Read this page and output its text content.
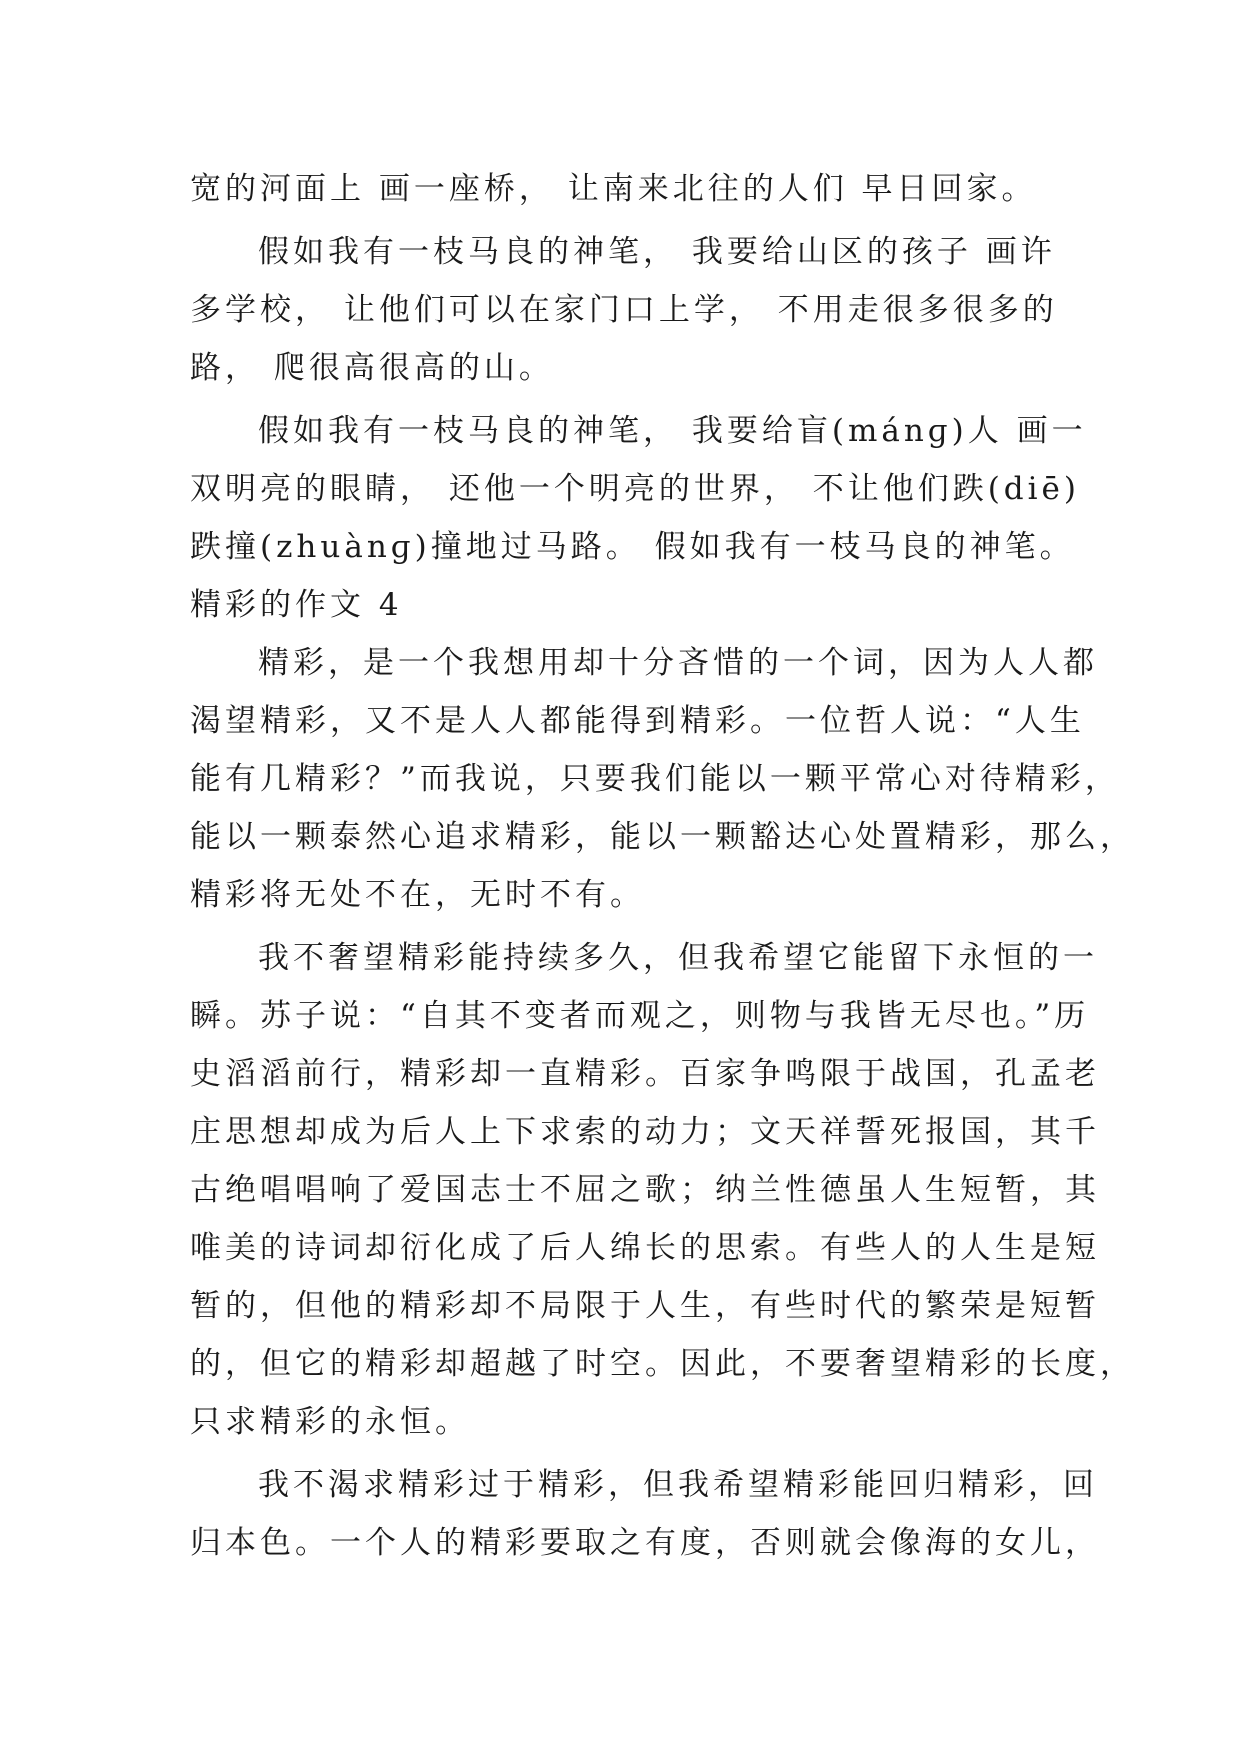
宽的河面上 画一座桥， 让南来北往的人们 早日回家。
假如我有一枝马良的神笔， 我要给山区的孩子 画许
多学校， 让他们可以在家门口上学， 不用走很多很多的
路， 爬很高很高的山。
假如我有一枝马良的神笔， 我要给盲(mánɡ)人 画一
双明亮的眼睛， 还他一个明亮的世界， 不让他们跌(diē)
跌撞(zhuànɡ)撞地过马路。 假如我有一枝马良的神笔。
精彩的作文 4
精彩，是一个我想用却十分吝惜的一个词，因为人人都
渴望精彩，又不是人人都能得到精彩。一位哲人说：“人生
能有几精彩？”而我说，只要我们能以一颗平常心对待精彩，
能以一颗泰然心追求精彩，能以一颗豁达心处置精彩，那么，
精彩将无处不在，无时不有。
我不奢望精彩能持续多久，但我希望它能留下永恒的一
瞬。苏子说：“自其不变者而观之，则物与我皆无尽也。”历
史滔滔前行，精彩却一直精彩。百家争鸣限于战国，孔孟老
庄思想却成为后人上下求索的动力；文天祥誓死报国，其千
古绝唱唱响了爱国志士不屈之歌；纳兰性德虽人生短暂，其
唯美的诗词却衍化成了后人绵长的思索。有些人的人生是短
暂的，但他的精彩却不局限于人生，有些时代的繁荣是短暂
的，但它的精彩却超越了时空。因此，不要奢望精彩的长度，
只求精彩的永恒。
我不渴求精彩过于精彩，但我希望精彩能回归精彩，回
归本色。一个人的精彩要取之有度，否则就会像海的女儿，
